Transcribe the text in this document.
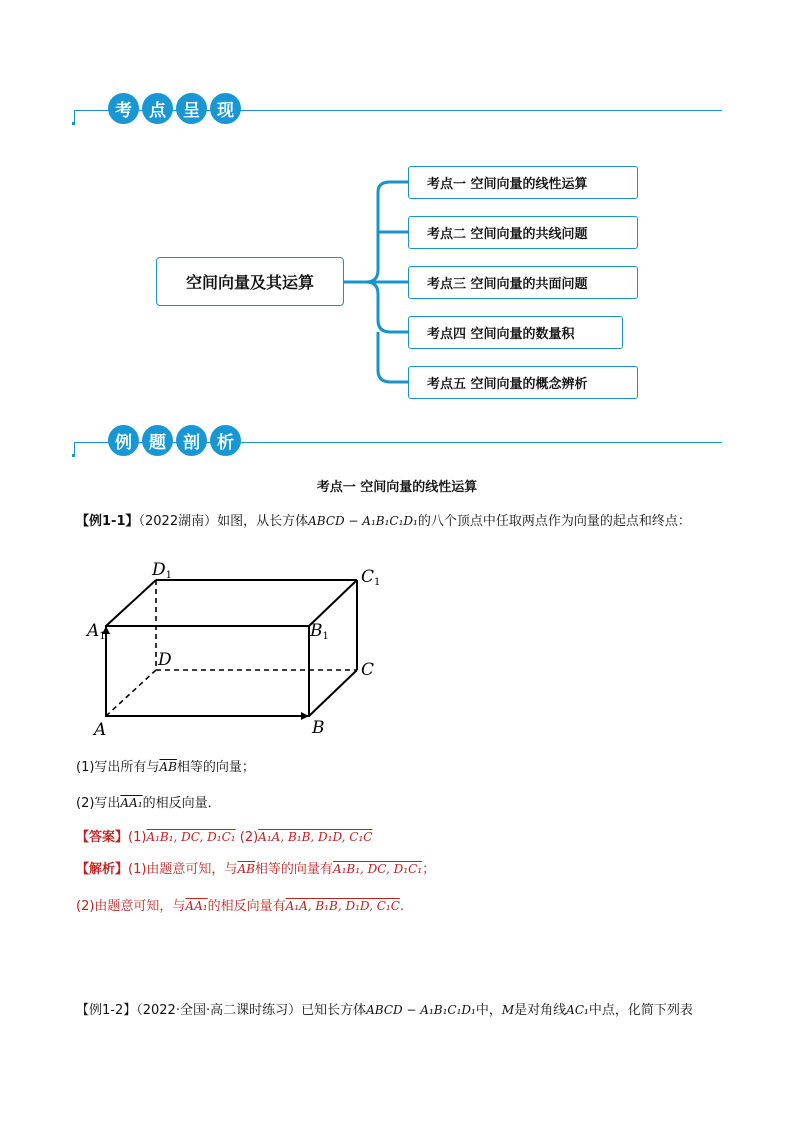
考	点	呈	现
空间向量及其运算
考点一 空间向量的线性运算
考点二 空间向量的共线问题
考点三 空间向量的共面问题
考点四 空间向量的数量积
考点五 空间向量的概念辨析
例	题	剖	析
考点一 空间向量的线性运算
【例1-1】（2022湖南）如图，从长方体ABCD − A₁B₁C₁D₁的八个顶点中任取两点作为向量的起点和终点：
D1	C1
A1	B1
D	C
A	B
(1)写出所有与$\overline{AB}$相等的向量；
(2)写出AA₁的相反向量．
【答案】(1)A₁B₁, DC, D₁C₁ (2)A₁A, B₁B, D₁D, C₁C
【解析】(1)由题意可知，与$\overline{AB}$相等的向量有A₁B₁, DC, D₁C₁；
(2)由题意可知，与AA₁的相反向量有A₁A, B₁B, D₁D, C₁C.
【例1-2】（2022·全国·高二课时练习）已知长方体ABCD − A₁B₁C₁D₁中，M是对角线AC₁中点，化简下列表
